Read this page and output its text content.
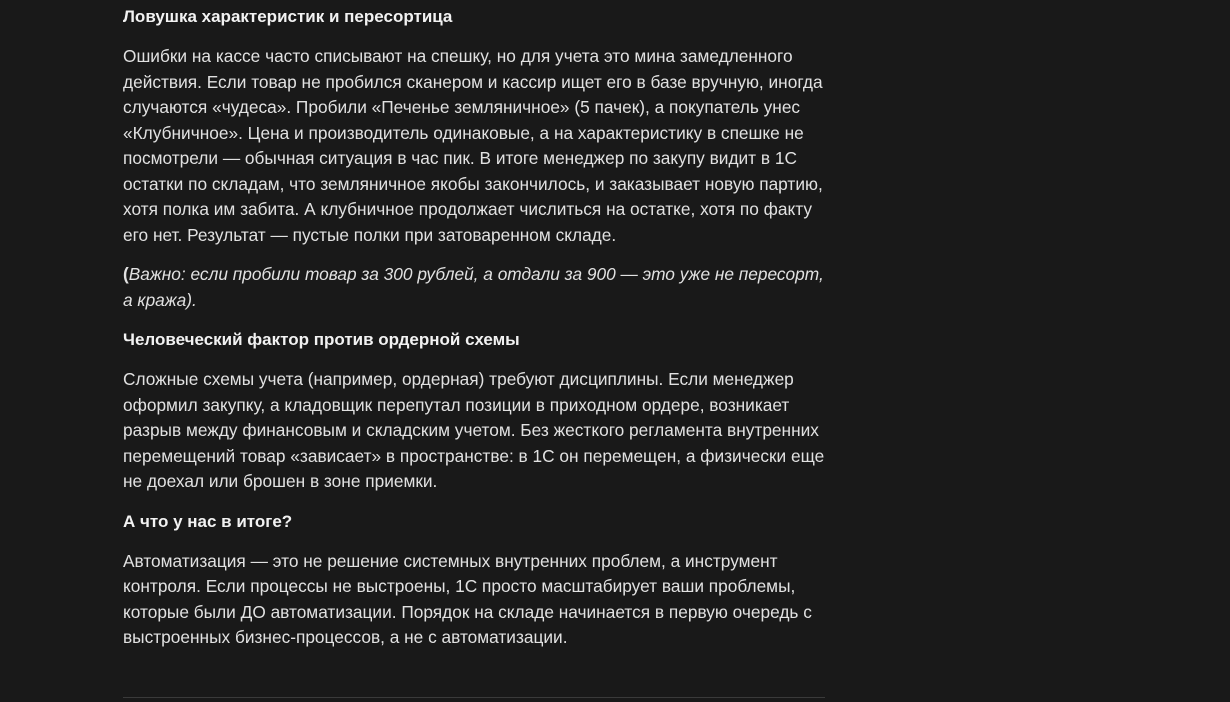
Ловушка характеристик и пересортица

Ошибки на кассе часто списывают на спешку, но для учета это мина замедленного действия. Если товар не пробился сканером и кассир ищет его в базе вручную, иногда случаются «чудеса». Пробили «Печенье земляничное» (5 пачек), а покупатель унес «Клубничное». Цена и производитель одинаковые, а на характеристику в спешке не посмотрели — обычная ситуация в час пик. В итоге менеджер по закупу видит в 1С остатки по складам, что земляничное якобы закончилось, и заказывает новую партию, хотя полка им забита. А клубничное продолжает числиться на остатке, хотя по факту его нет. Результат — пустые полки при затоваренном складе.

(Важно: если пробили товар за 300 рублей, а отдали за 900 — это уже не пересорт, а кража).

Человеческий фактор против ордерной схемы

Сложные схемы учета (например, ордерная) требуют дисциплины. Если менеджер оформил закупку, а кладовщик перепутал позиции в приходном ордере, возникает разрыв между финансовым и складским учетом. Без жесткого регламента внутренних перемещений товар «зависает» в пространстве: в 1С он перемещен, а физически еще не доехал или брошен в зоне приемки.

А что у нас в итоге?

Автоматизация — это не решение системных внутренних проблем, а инструмент контроля. Если процессы не выстроены, 1С просто масштабирует ваши проблемы, которые были ДО автоматизации. Порядок на складе начинается в первую очередь с выстроенных бизнес-процессов, а не с автоматизации.
